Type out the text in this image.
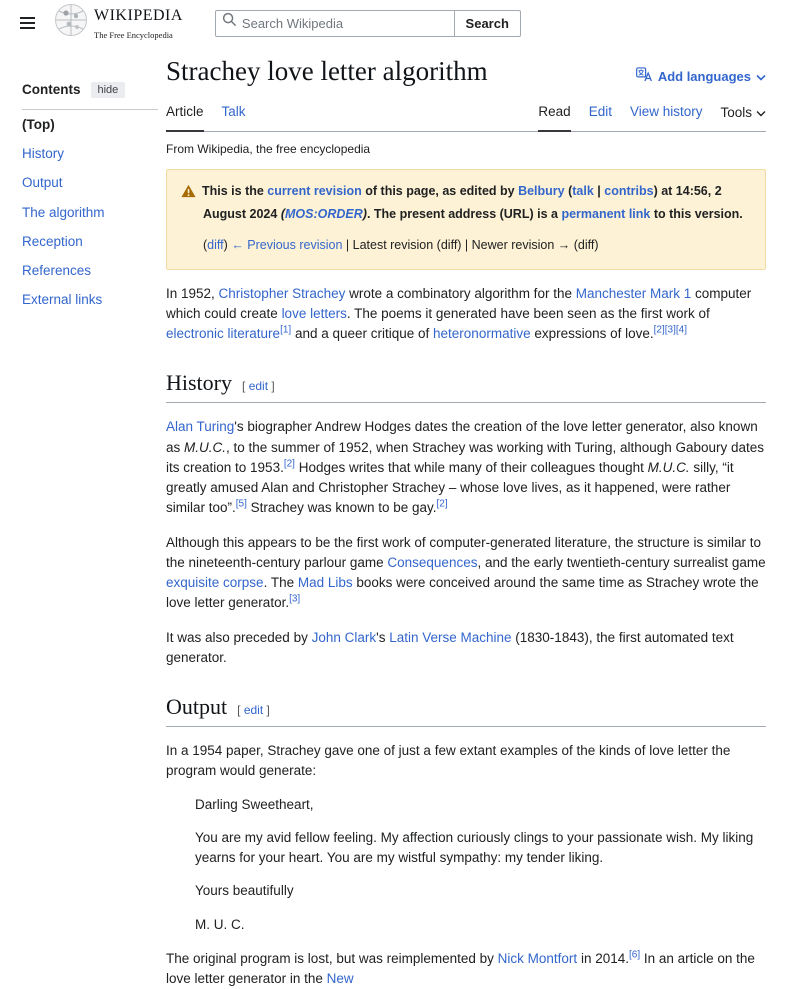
WIKIPEDIA
The Free Encyclopedia
Search Wikipedia
Search
Contents	hide
(Top)
History
Output
The algorithm
Reception
References
External links
Strachey love letter algorithm	Add languages
Article Talk	Read Edit View history Tools
From Wikipedia, the free encyclopedia
This is the current revision of this page, as edited by Belbury (talk | contribs) at 14:56, 2 August 2024 (MOS:ORDER). The present address (URL) is a permanent link to this version.
(diff) ← Previous revision | Latest revision (diff) | Newer revision → (diff)

In 1952, Christopher Strachey wrote a combinatory algorithm for the Manchester Mark 1 computer which could create love letters. The poems it generated have been seen as the first work of electronic literature[1] and a queer critique of heteronormative expressions of love.[2][3][4]

History [ edit ]

Alan Turing's biographer Andrew Hodges dates the creation of the love letter generator, also known as M.U.C., to the summer of 1952, when Strachey was working with Turing, although Gaboury dates its creation to 1953.[2] Hodges writes that while many of their colleagues thought M.U.C. silly, “it greatly amused Alan and Christopher Strachey – whose love lives, as it happened, were rather similar too”.[5] Strachey was known to be gay.[2]

Although this appears to be the first work of computer-generated literature, the structure is similar to the nineteenth-century parlour game Consequences, and the early twentieth-century surrealist game exquisite corpse. The Mad Libs books were conceived around the same time as Strachey wrote the love letter generator.[3]

It was also preceded by John Clark's Latin Verse Machine (1830-1843), the first automated text generator.

Output [ edit ]

In a 1954 paper, Strachey gave one of just a few extant examples of the kinds of love letter the program would generate:

Darling Sweetheart,

You are my avid fellow feeling. My affection curiously clings to your passionate wish. My liking yearns for your heart. You are my wistful sympathy: my tender liking.

Yours beautifully

M. U. C.

The original program is lost, but was reimplemented by Nick Montfort in 2014.[6] In an article on the love letter generator in the New
